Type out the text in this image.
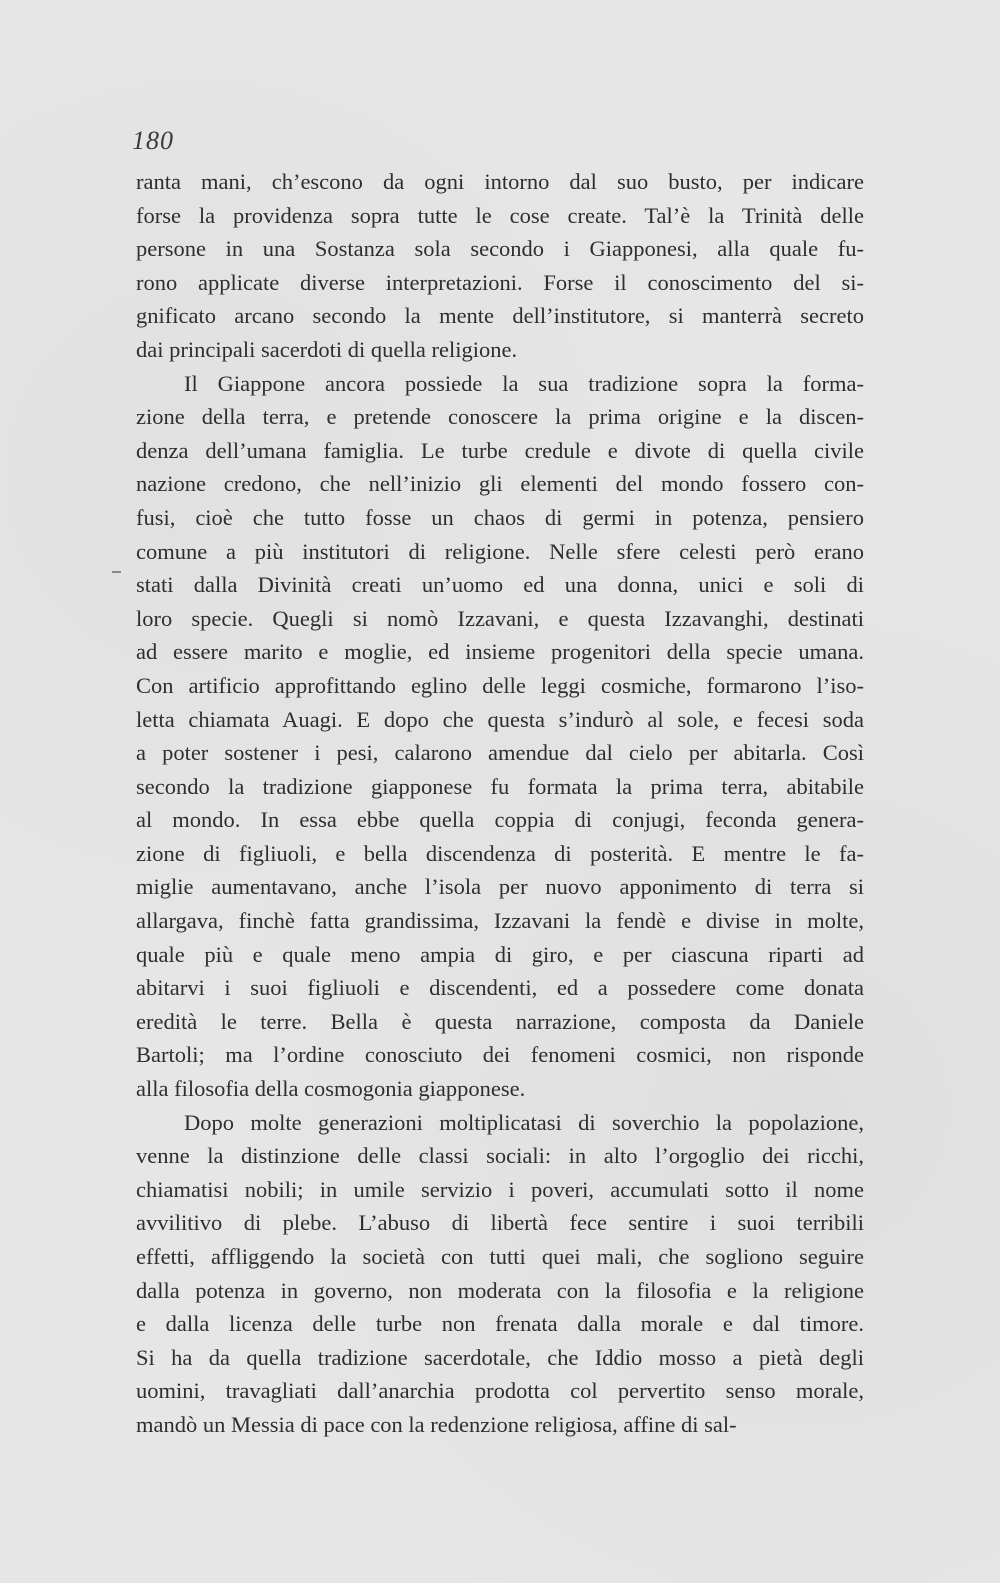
180
ranta mani, ch’escono da ogni intorno dal suo busto, per indicare
forse la providenza sopra tutte le cose create. Tal’è la Trinità delle
persone in una Sostanza sola secondo i Giapponesi, alla quale fu-
rono applicate diverse interpretazioni. Forse il conoscimento del si-
gnificato arcano secondo la mente dell’institutore, si manterrà secreto
dai principali sacerdoti di quella religione.
Il Giappone ancora possiede la sua tradizione sopra la forma-
zione della terra, e pretende conoscere la prima origine e la discen-
denza dell’umana famiglia. Le turbe credule e divote di quella civile
nazione credono, che nell’inizio gli elementi del mondo fossero con-
fusi, cioè che tutto fosse un chaos di germi in potenza, pensiero
comune a più institutori di religione. Nelle sfere celesti però erano
stati dalla Divinità creati un’uomo ed una donna, unici e soli di
loro specie. Quegli si nomò Izzavani, e questa Izzavanghi, destinati
ad essere marito e moglie, ed insieme progenitori della specie umana.
Con artificio approfittando eglino delle leggi cosmiche, formarono l’iso-
letta chiamata Auagi. E dopo che questa s’indurò al sole, e fecesi soda
a poter sostener i pesi, calarono amendue dal cielo per abitarla. Così
secondo la tradizione giapponese fu formata la prima terra, abitabile
al mondo. In essa ebbe quella coppia di conjugi, feconda genera-
zione di figliuoli, e bella discendenza di posterità. E mentre le fa-
miglie aumentavano, anche l’isola per nuovo apponimento di terra si
allargava, finchè fatta grandissima, Izzavani la fendè e divise in molte,
quale più e quale meno ampia di giro, e per ciascuna riparti ad
abitarvi i suoi figliuoli e discendenti, ed a possedere come donata
eredità le terre. Bella è questa narrazione, composta da Daniele
Bartoli; ma l’ordine conosciuto dei fenomeni cosmici, non risponde
alla filosofia della cosmogonia giapponese.
Dopo molte generazioni moltiplicatasi di soverchio la popolazione,
venne la distinzione delle classi sociali: in alto l’orgoglio dei ricchi,
chiamatisi nobili; in umile servizio i poveri, accumulati sotto il nome
avvilitivo di plebe. L’abuso di libertà fece sentire i suoi terribili
effetti, affliggendo la società con tutti quei mali, che sogliono seguire
dalla potenza in governo, non moderata con la filosofia e la religione
e dalla licenza delle turbe non frenata dalla morale e dal timore.
Si ha da quella tradizione sacerdotale, che Iddio mosso a pietà degli
uomini, travagliati dall’anarchia prodotta col pervertito senso morale,
mandò un Messia di pace con la redenzione religiosa, affine di sal-
